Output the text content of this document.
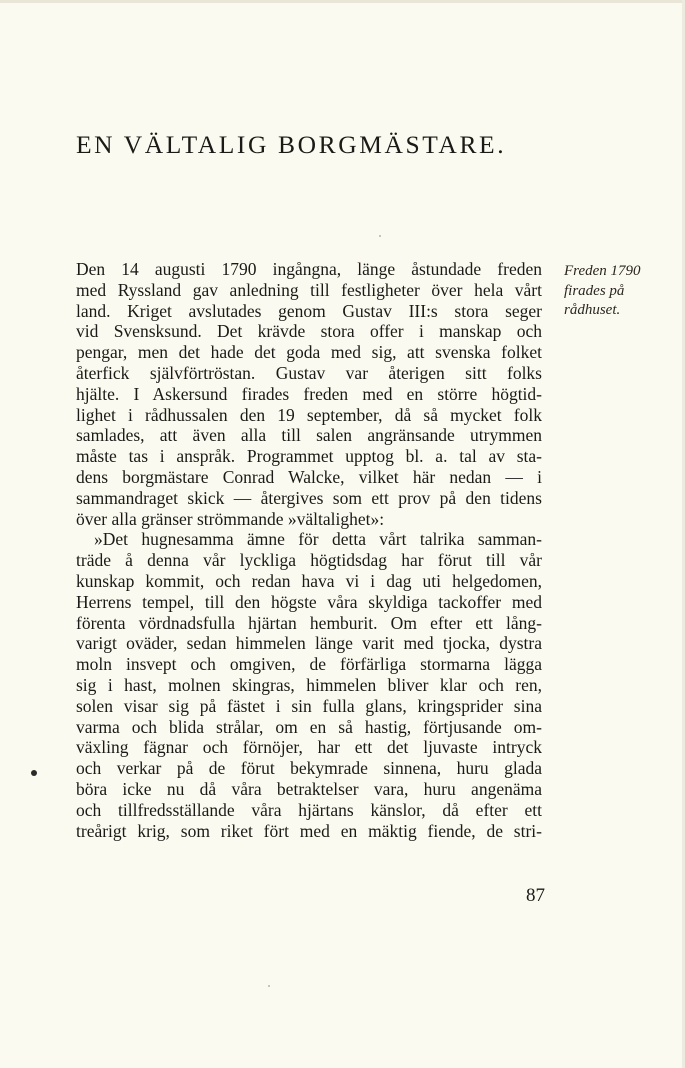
EN VÄLTALIG BORGMÄSTARE.
Freden 1790
firades på
rådhuset.
Den 14 augusti 1790 ingångna, länge åstundade freden
med Ryssland gav anledning till festligheter över hela vårt
land. Kriget avslutades genom Gustav III:s stora seger
vid Svensksund. Det krävde stora offer i manskap och
pengar, men det hade det goda med sig, att svenska folket
återfick självförtröstan. Gustav var återigen sitt folks
hjälte. I Askersund firades freden med en större högtid-
lighet i rådhussalen den 19 september, då så mycket folk
samlades, att även alla till salen angränsande utrymmen
måste tas i anspråk. Programmet upptog bl. a. tal av sta-
dens borgmästare Conrad Walcke, vilket här nedan — i
sammandraget skick — återgives som ett prov på den tidens
över alla gränser strömmande »vältalighet»:
»Det hugnesamma ämne för detta vårt talrika samman-
träde å denna vår lyckliga högtidsdag har förut till vår
kunskap kommit, och redan hava vi i dag uti helgedomen,
Herrens tempel, till den högste våra skyldiga tackoffer med
förenta vördnadsfulla hjärtan hemburit. Om efter ett lång-
varigt oväder, sedan himmelen länge varit med tjocka, dystra
moln insvept och omgiven, de förfärliga stormarna lägga
sig i hast, molnen skingras, himmelen bliver klar och ren,
solen visar sig på fästet i sin fulla glans, kringsprider sina
varma och blida strålar, om en så hastig, förtjusande om-
växling fägnar och förnöjer, har ett det ljuvaste intryck
och verkar på de förut bekymrade sinnena, huru glada
böra icke nu då våra betraktelser vara, huru angenäma
och tillfredsställande våra hjärtans känslor, då efter ett
treårigt krig, som riket fört med en mäktig fiende, de stri-
87
